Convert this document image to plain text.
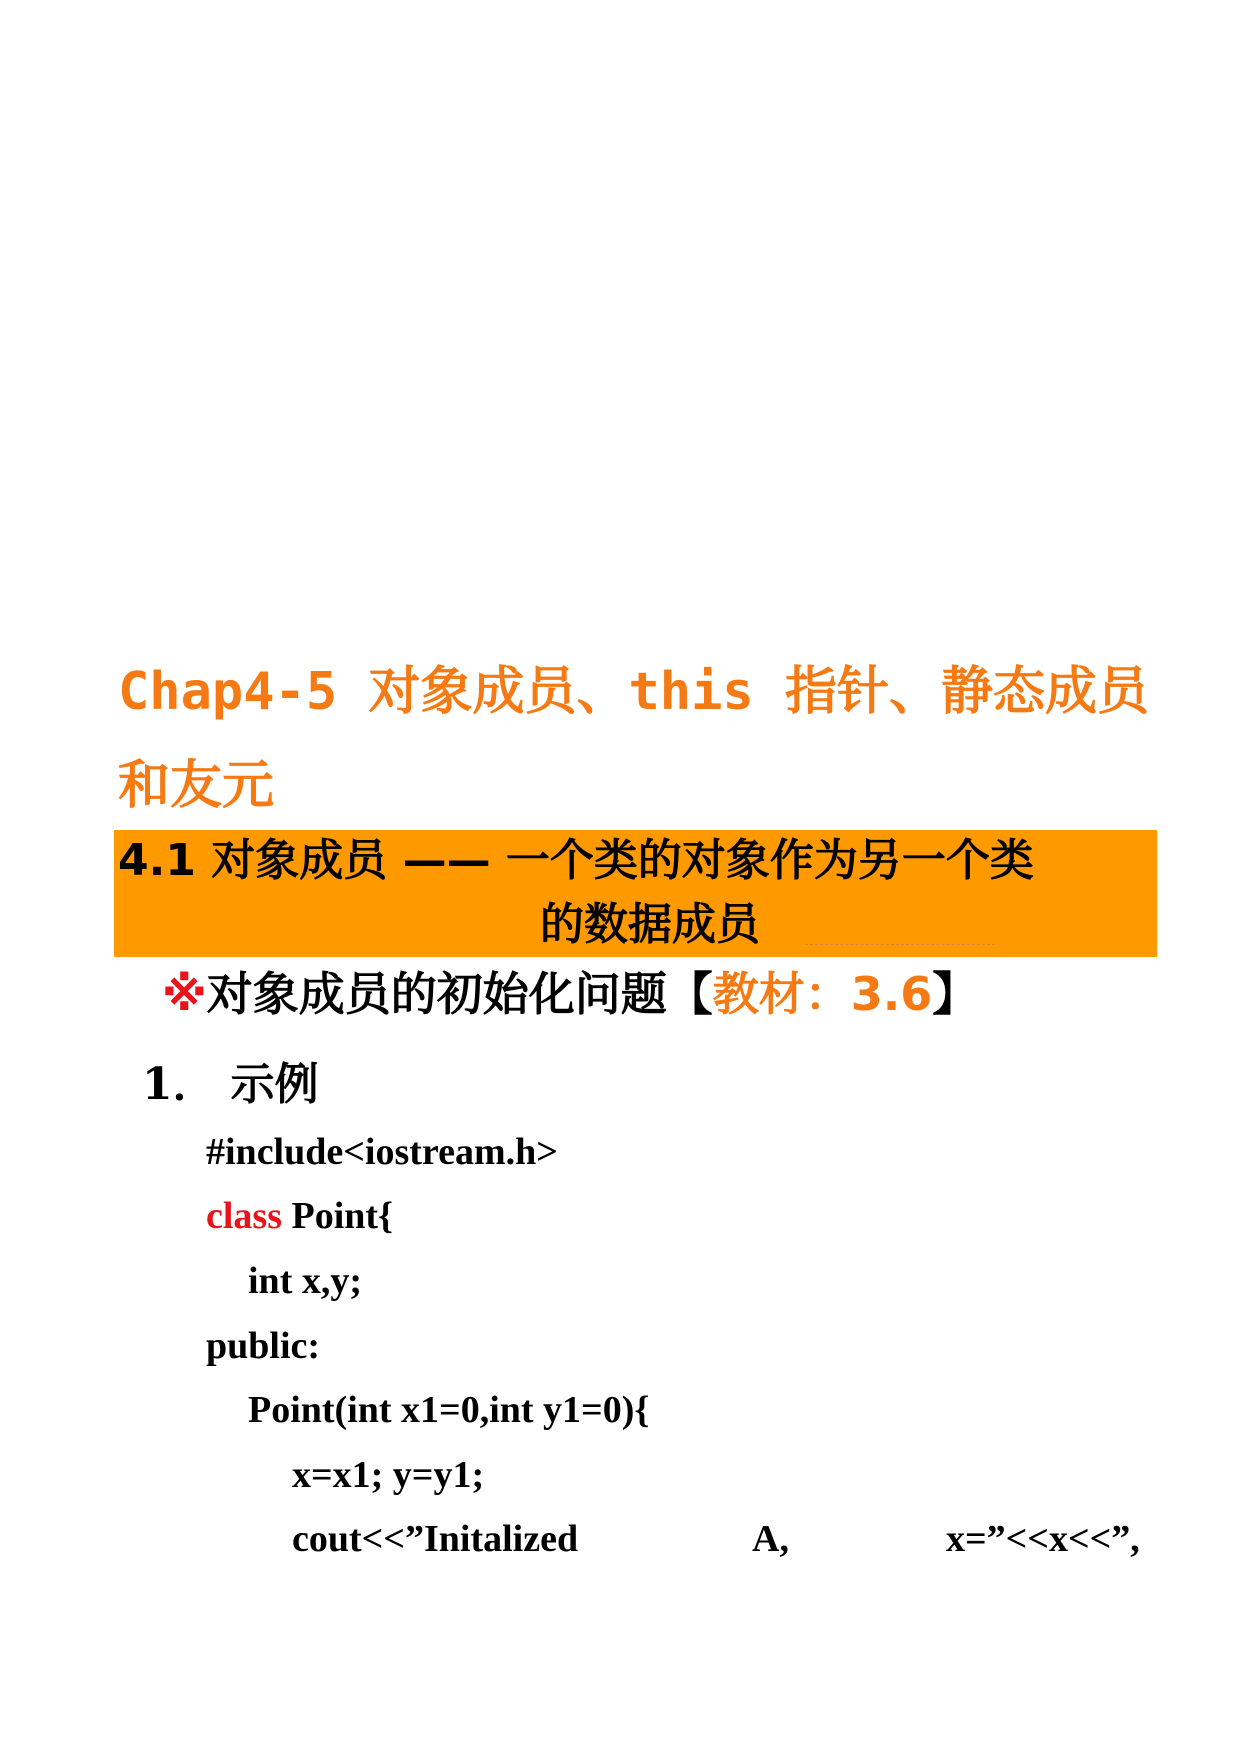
Chap4-5 对象成员、this 指针、静态成员和友元
4.1 对象成员 —— 一个类的对象作为另一个类
的数据成员
※对象成员的初始化问题【教材：3.6】
1． 示例
#include<iostream.h>
class Point{
int x,y;
public:
Point(int x1=0,int y1=0){
x=x1; y=y1;
cout<<”Initalized	A,	x=”<<x<<”,
